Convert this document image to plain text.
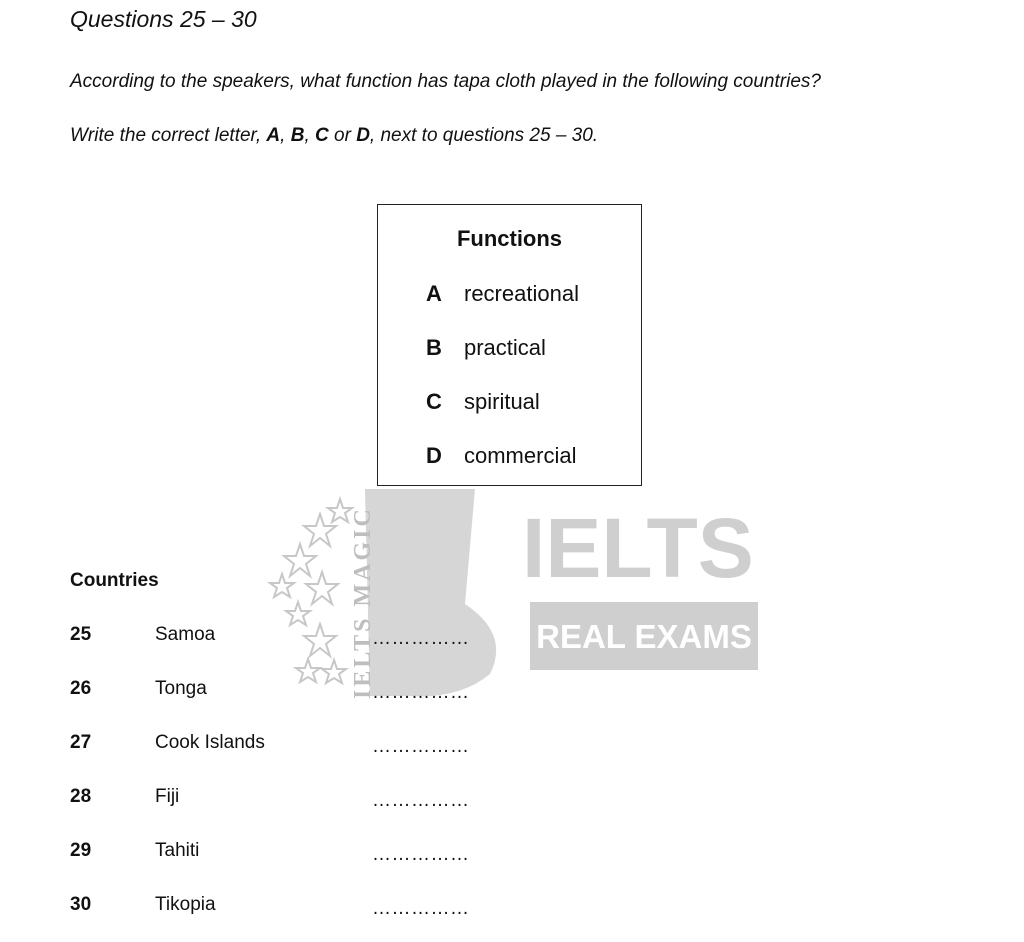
Questions 25 – 30
According to the speakers, what function has tapa cloth played in the following countries?
Write the correct letter, A, B, C or D, next to questions 25 – 30.
IELTS MAGIC IELTS
REAL EXAMS
Functions
A recreational
B practical
C spiritual
D commercial
Countries
25	Samoa	……………
26	Tonga	……………
27	Cook Islands	……………
28	Fiji	……………
29	Tahiti	……………
30	Tikopia	……………
